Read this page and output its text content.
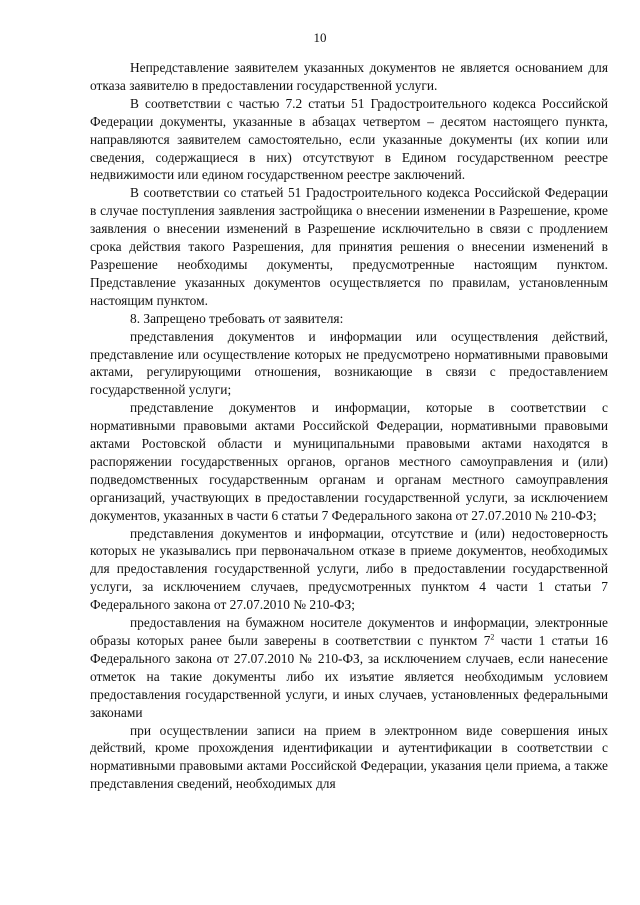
10

Непредставление заявителем указанных документов не является основанием для отказа заявителю в предоставлении государственной услуги.

В соответствии с частью 7.2 статьи 51 Градостроительного кодекса Российской Федерации документы, указанные в абзацах четвертом – десятом настоящего пункта, направляются заявителем самостоятельно, если указанные документы (их копии или сведения, содержащиеся в них) отсутствуют в Едином государственном реестре недвижимости или едином государственном реестре заключений.

В соответствии со статьей 51 Градостроительного кодекса Российской Федерации в случае поступления заявления застройщика о внесении изменении в Разрешение, кроме заявления о внесении изменений в Разрешение исключительно в связи с продлением срока действия такого Разрешения, для принятия решения о внесении изменений в Разрешение необходимы документы, предусмотренные настоящим пунктом. Представление указанных документов осуществляется по правилам, установленным настоящим пунктом.

8. Запрещено требовать от заявителя:

представления документов и информации или осуществления действий, представление или осуществление которых не предусмотрено нормативными правовыми актами, регулирующими отношения, возникающие в связи с предоставлением государственной услуги;

представление документов и информации, которые в соответствии с нормативными правовыми актами Российской Федерации, нормативными правовыми актами Ростовской области и муниципальными правовыми актами находятся в распоряжении государственных органов, органов местного самоуправления и (или) подведомственных государственным органам и органам местного самоуправления организаций, участвующих в предоставлении государственной услуги, за исключением документов, указанных в части 6 статьи 7 Федерального закона от 27.07.2010 № 210-ФЗ;

представления документов и информации, отсутствие и (или) недостоверность которых не указывались при первоначальном отказе в приеме документов, необходимых для предоставления государственной услуги, либо в предоставлении государственной услуги, за исключением случаев, предусмотренных пунктом 4 части 1 статьи 7 Федерального закона от 27.07.2010 № 210-ФЗ;

предоставления на бумажном носителе документов и информации, электронные образы которых ранее были заверены в соответствии с пунктом $7^2$ части 1 статьи 16 Федерального закона от 27.07.2010 № 210-ФЗ, за исключением случаев, если нанесение отметок на такие документы либо их изъятие является необходимым условием предоставления государственной услуги, и иных случаев, установленных федеральными законами

при осуществлении записи на прием в электронном виде совершения иных действий, кроме прохождения идентификации и аутентификации в соответствии с нормативными правовыми актами Российской Федерации, указания цели приема, а также представления сведений, необходимых для
